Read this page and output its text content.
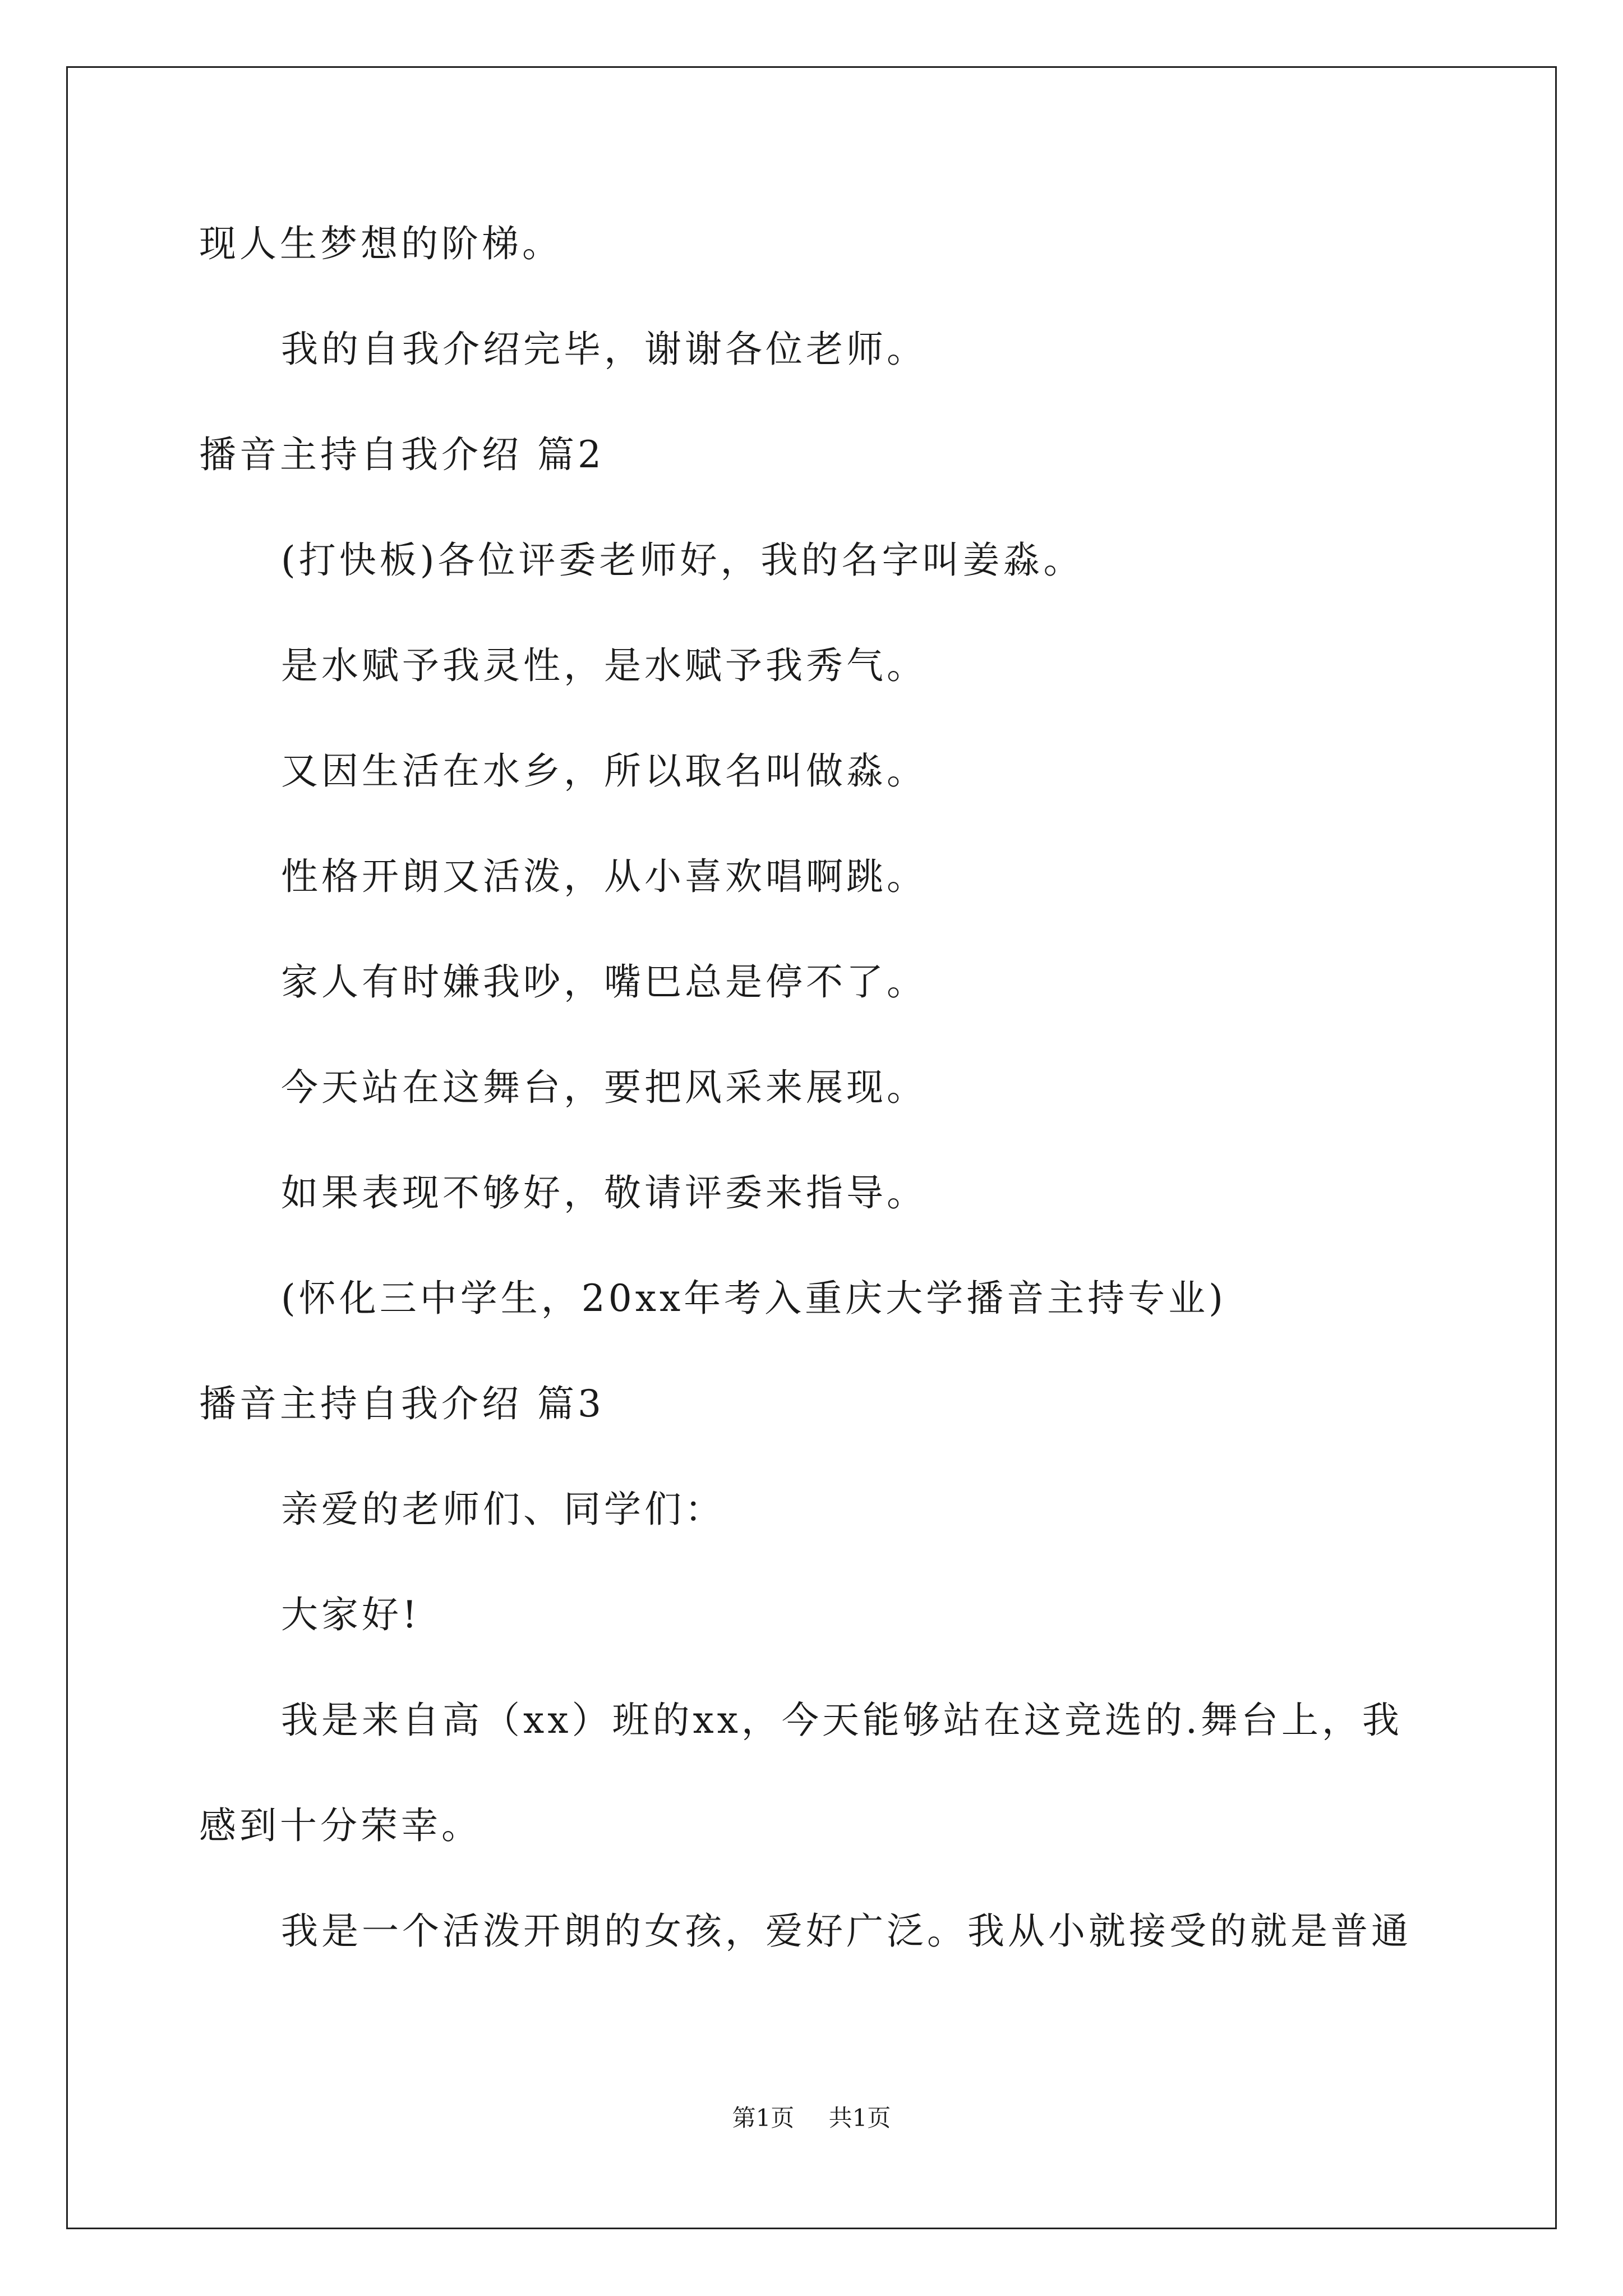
现人生梦想的阶梯。

我的自我介绍完毕，谢谢各位老师。

播音主持自我介绍 篇2

(打快板)各位评委老师好，我的名字叫姜淼。

是水赋予我灵性，是水赋予我秀气。

又因生活在水乡，所以取名叫做淼。

性格开朗又活泼，从小喜欢唱啊跳。

家人有时嫌我吵，嘴巴总是停不了。

今天站在这舞台，要把风采来展现。

如果表现不够好，敬请评委来指导。

(怀化三中学生，20xx年考入重庆大学播音主持专业)

播音主持自我介绍 篇3

亲爱的老师们、同学们：

大家好!

我是来自高（xx）班的xx，今天能够站在这竞选的.舞台上，我

感到十分荣幸。

我是一个活泼开朗的女孩，爱好广泛。我从小就接受的就是普通

第1页 共1页
